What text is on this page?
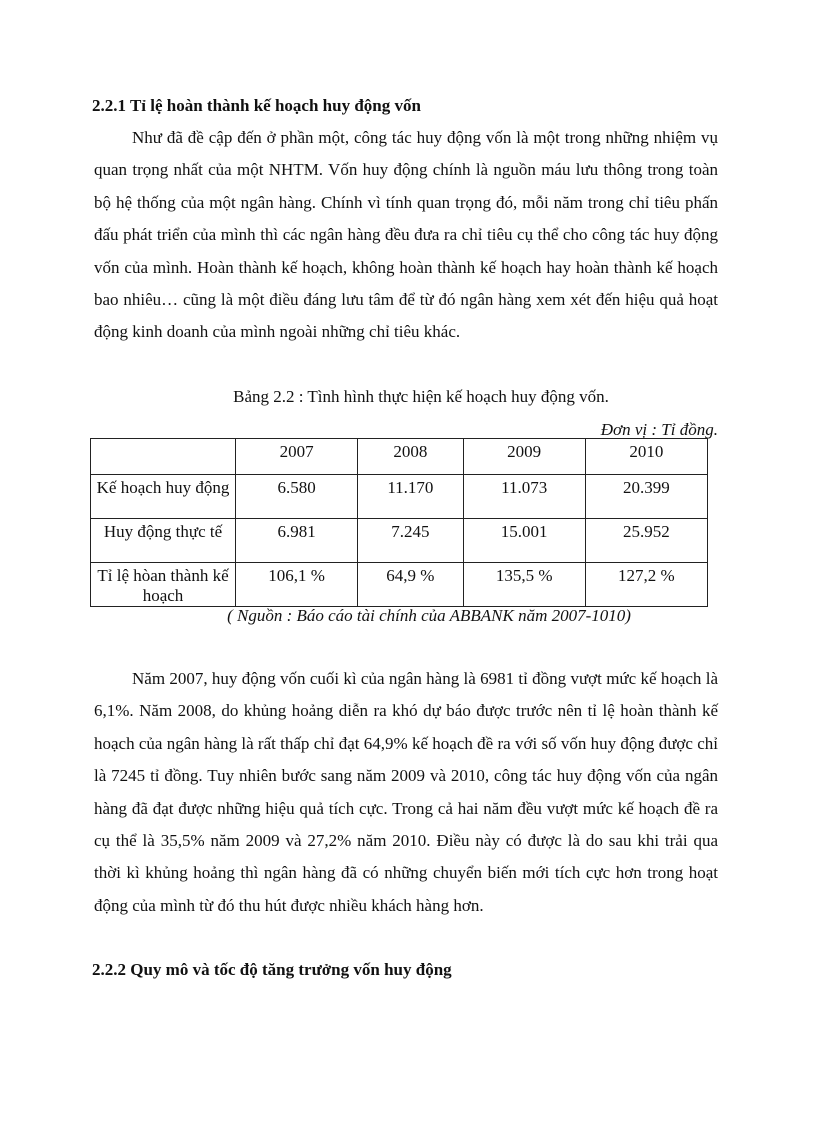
2.2.1 Tỉ lệ hoàn thành kế hoạch huy động vốn

Như đã đề cập đến ở phần một, công tác huy động vốn là một trong những nhiệm vụ quan trọng nhất của một NHTM. Vốn huy động chính là nguồn máu lưu thông trong toàn bộ hệ thống của một ngân hàng. Chính vì tính quan trọng đó, mỗi năm trong chỉ tiêu phấn đấu phát triển của mình thì các ngân hàng đều đưa ra chỉ tiêu cụ thể cho công tác huy động vốn của mình. Hoàn thành kế hoạch, không hoàn thành kế hoạch hay hoàn thành kế hoạch bao nhiêu… cũng là một điều đáng lưu tâm để từ đó ngân hàng xem xét đến hiệu quả hoạt động kinh doanh của mình ngoài những chỉ tiêu khác.

Bảng 2.2 : Tình hình thực hiện kế hoạch huy động vốn.
Đơn vị : Tỉ đồng.
	2007	2008	2009	2010
Kế hoạch huy động	6.580	11.170	11.073	20.399
Huy động thực tế	6.981	7.245	15.001	25.952
Tỉ lệ hòan thành kế hoạch	106,1 %	64,9 %	135,5 %	127,2 %
( Nguồn : Báo cáo tài chính của ABBANK năm 2007-1010)

Năm 2007, huy động vốn cuối kì của ngân hàng là 6981 tỉ đồng vượt mức kế hoạch là 6,1%. Năm 2008, do khủng hoảng diễn ra khó dự báo được trước nên tỉ lệ hoàn thành kế hoạch của ngân hàng là rất thấp chỉ đạt 64,9% kế hoạch đề ra với số vốn huy động được chỉ là 7245 tỉ đồng. Tuy nhiên bước sang năm 2009 và 2010, công tác huy động vốn của ngân hàng đã đạt được những hiệu quả tích cực. Trong cả hai năm đều vượt mức kế hoạch đề ra cụ thể là 35,5% năm 2009 và 27,2% năm 2010. Điều này có được là do sau khi trải qua thời kì khủng hoảng thì ngân hàng đã có những chuyển biến mới tích cực hơn trong hoạt động của mình từ đó thu hút được nhiều khách hàng hơn.

2.2.2 Quy mô và tốc độ tăng trưởng vốn huy động
